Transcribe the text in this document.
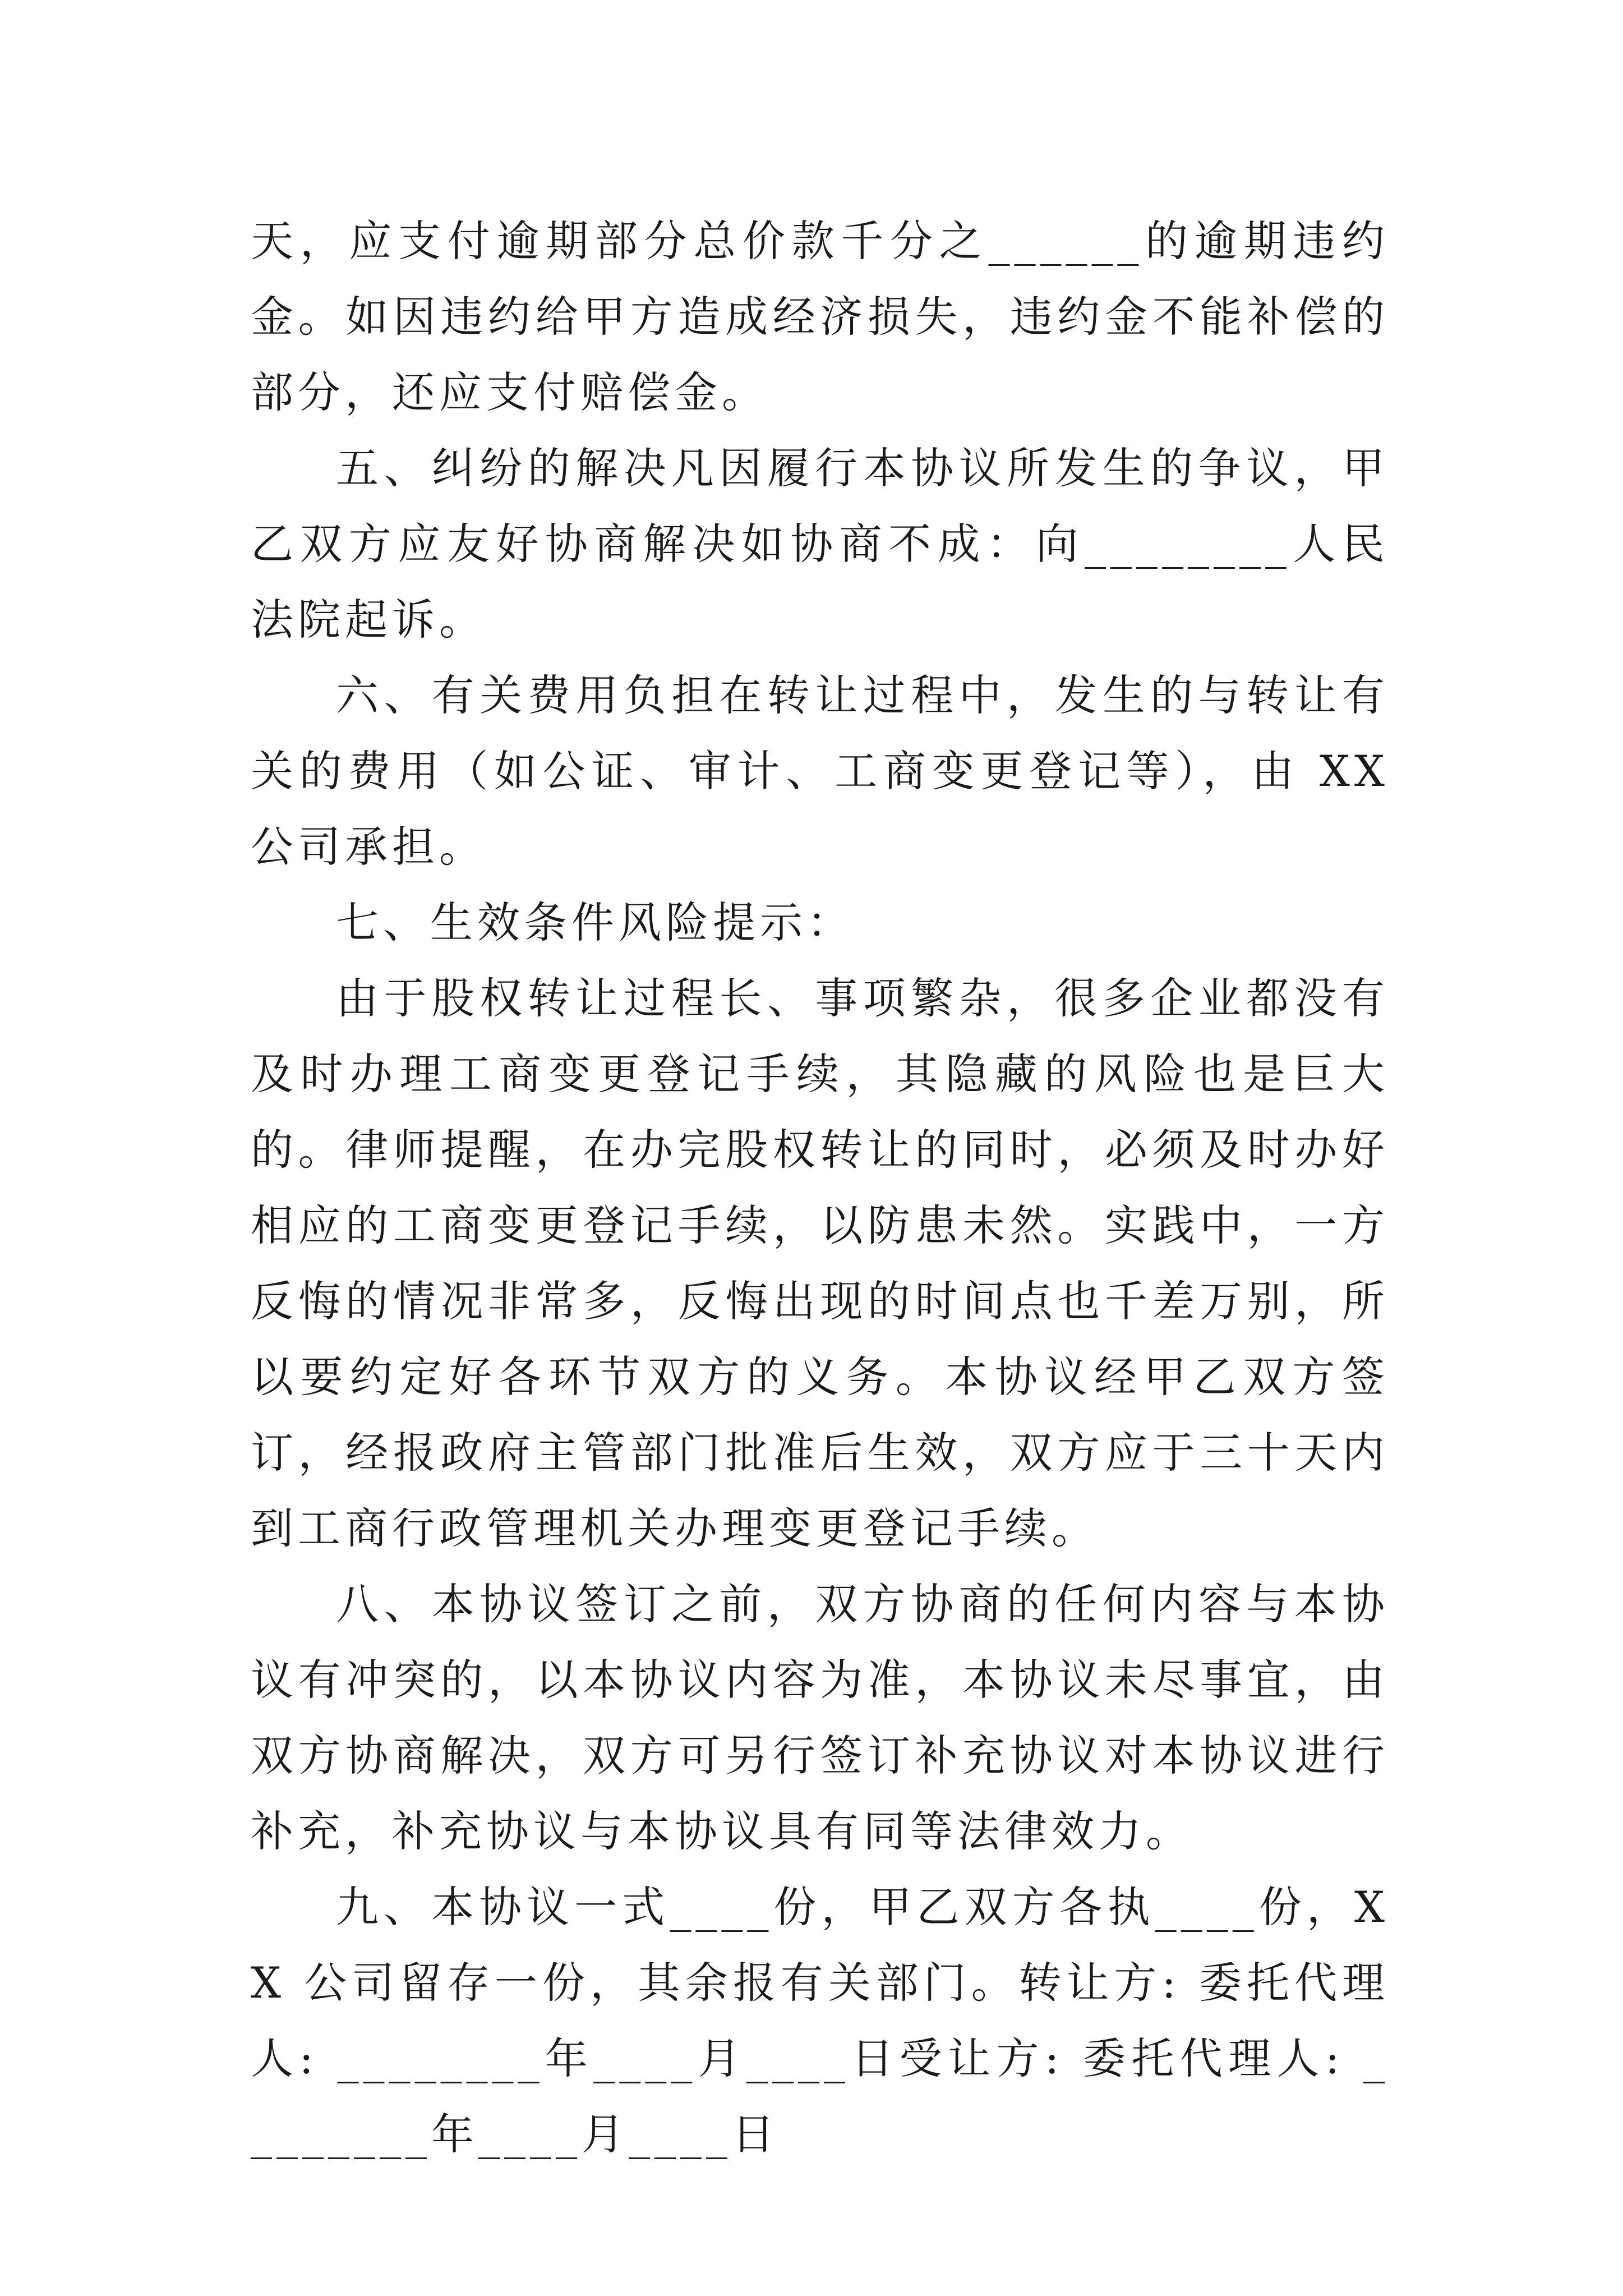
天，应支付逾期部分总价款千分之______的逾期违约金。如因违约给甲方造成经济损失，违约金不能补偿的部分，还应支付赔偿金。

五、纠纷的解决凡因履行本协议所发生的争议，甲乙双方应友好协商解决如协商不成：向________人民法院起诉。

六、有关费用负担在转让过程中，发生的与转让有关的费用（如公证、审计、工商变更登记等），由 XX 公司承担。

七、生效条件风险提示：

由于股权转让过程长、事项繁杂，很多企业都没有及时办理工商变更登记手续，其隐藏的风险也是巨大的。律师提醒，在办完股权转让的同时，必须及时办好相应的工商变更登记手续，以防患未然。实践中，一方反悔的情况非常多，反悔出现的时间点也千差万别，所以要约定好各环节双方的义务。本协议经甲乙双方签订，经报政府主管部门批准后生效，双方应于三十天内到工商行政管理机关办理变更登记手续。

八、本协议签订之前，双方协商的任何内容与本协议有冲突的，以本协议内容为准，本协议未尽事宜，由双方协商解决，双方可另行签订补充协议对本协议进行补充，补充协议与本协议具有同等法律效力。

九、本协议一式____份，甲乙双方各执____份，XX 公司留存一份，其余报有关部门。转让方: 委托代理人: ________年____月____日受让方: 委托代理人: ________年____月____日
